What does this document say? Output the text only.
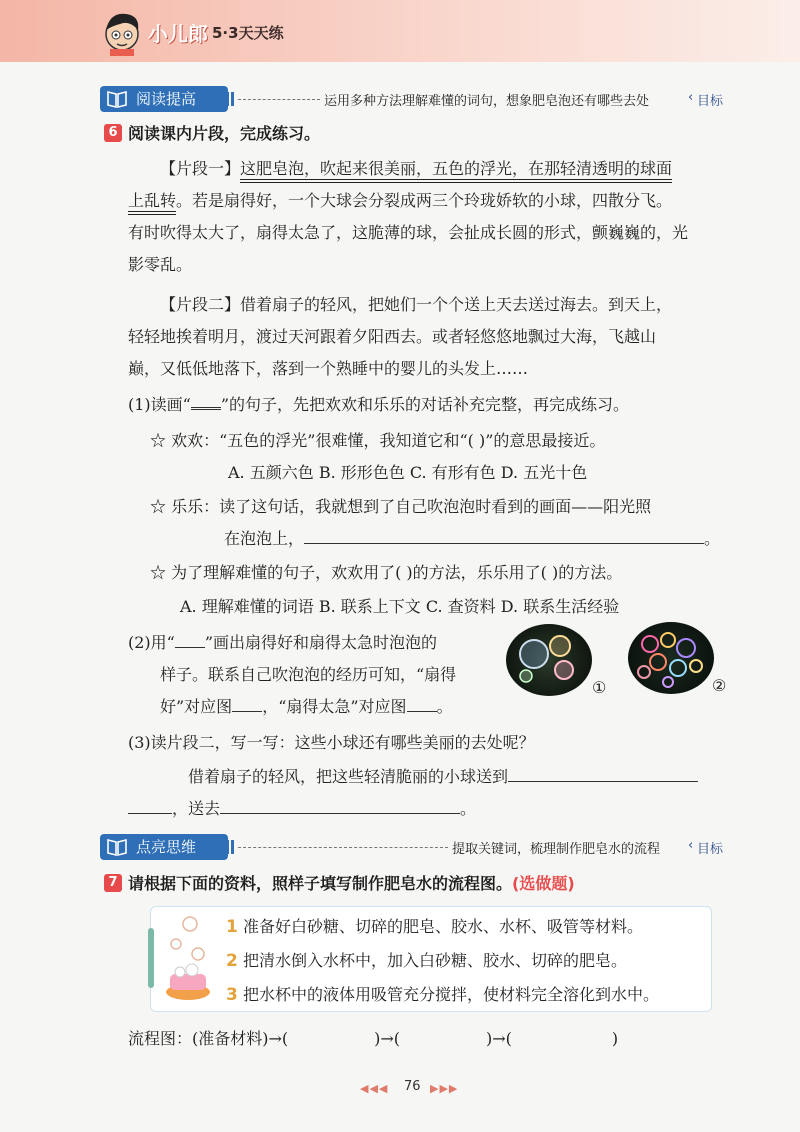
小儿郎 5·3天天练
阅读提高	运用多种方法理解难懂的词句，想象肥皂泡还有哪些去处	‹ 目标
6 阅读课内片段，完成练习。
【片段一】这肥皂泡，吹起来很美丽，五色的浮光，在那轻清透明的球面
上乱转。若是扇得好，一个大球会分裂成两三个玲珑娇软的小球，四散分飞。
有时吹得太大了，扇得太急了，这脆薄的球，会扯成长圆的形式，颤巍巍的，光
影零乱。
【片段二】借着扇子的轻风，把她们一个个送上天去送过海去。到天上，
轻轻地挨着明月，渡过天河跟着夕阳西去。或者轻悠悠地飘过大海，飞越山
巅，又低低地落下，落到一个熟睡中的婴儿的头发上……
(1)读画“ ”的句子，先把欢欢和乐乐的对话补充完整，再完成练习。
☆ 欢欢：“五色的浮光”很难懂，我知道它和“( )”的意思最接近。
A. 五颜六色 B. 形形色色 C. 有形有色 D. 五光十色
☆ 乐乐：读了这句话，我就想到了自己吹泡泡时看到的画面——阳光照
在泡泡上，	。
☆ 为了理解难懂的句子，欢欢用了( )的方法，乐乐用了( )的方法。
A. 理解难懂的词语 B. 联系上下文 C. 查资料 D. 联系生活经验
(2)用“ ”画出扇得好和扇得太急时泡泡的
样子。联系自己吹泡泡的经历可知，“扇得
好”对应图 ，“扇得太急”对应图 。
①	②
(3)读片段二，写一写：这些小球还有哪些美丽的去处呢？
借着扇子的轻风，把这些轻清脆丽的小球送到
，送去	。
点亮思维	提取关键词，梳理制作肥皂水的流程 ‹ 目标
7 请根据下面的资料，照样子填写制作肥皂水的流程图。(选做题)
1 准备好白砂糖、切碎的肥皂、胶水、水杯、吸管等材料。
2 把清水倒入水杯中，加入白砂糖、胶水、切碎的肥皂。
3 把水杯中的液体用吸管充分搅拌，使材料完全溶化到水中。
流程图：(准备材料)→(	)→(	)→(	)
◀◀◀ 76 ▶▶▶
